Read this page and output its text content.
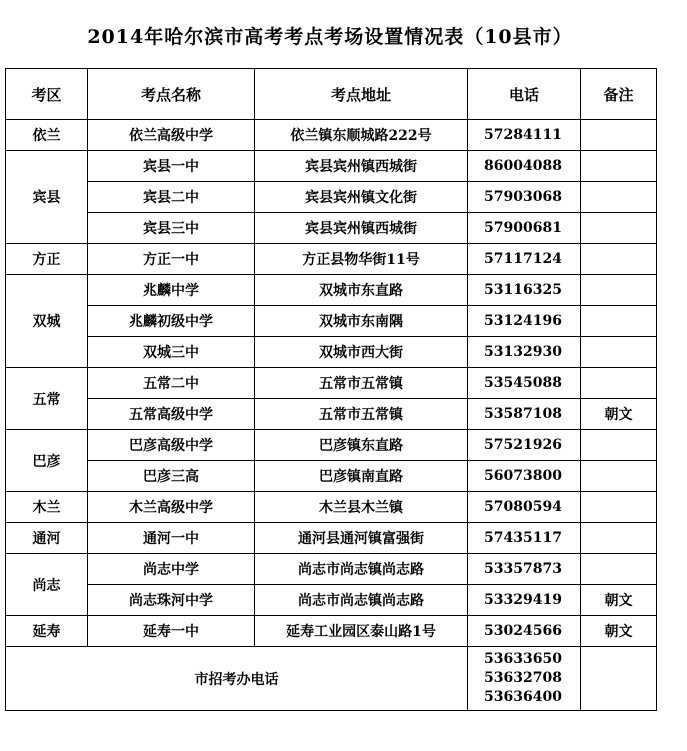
2014年哈尔滨市高考考点考场设置情况表（10县市）
考区	考点名称	考点地址	电话	备注
依兰	依兰高级中学	依兰镇东顺城路222号	57284111	
宾县	宾县一中	宾县宾州镇西城街	86004088	
	宾县二中	宾县宾州镇文化街	57903068	
	宾县三中	宾县宾州镇西城街	57900681	
方正	方正一中	方正县物华街11号	57117124	
双城	兆麟中学	双城市东直路	53116325	
	兆麟初级中学	双城市东南隅	53124196	
	双城三中	双城市西大街	53132930	
五常	五常二中	五常市五常镇	53545088	
	五常高级中学	五常市五常镇	53587108	朝文
巴彦	巴彦高级中学	巴彦镇东直路	57521926	
	巴彦三高	巴彦镇南直路	56073800	
木兰	木兰高级中学	木兰县木兰镇	57080594	
通河	通河一中	通河县通河镇富强街	57435117	
尚志	尚志中学	尚志市尚志镇尚志路	53357873	
	尚志珠河中学	尚志市尚志镇尚志路	53329419	朝文
延寿	延寿一中	延寿工业园区泰山路1号	53024566	朝文
市招考办电话			53633650
53632708
53636400	
